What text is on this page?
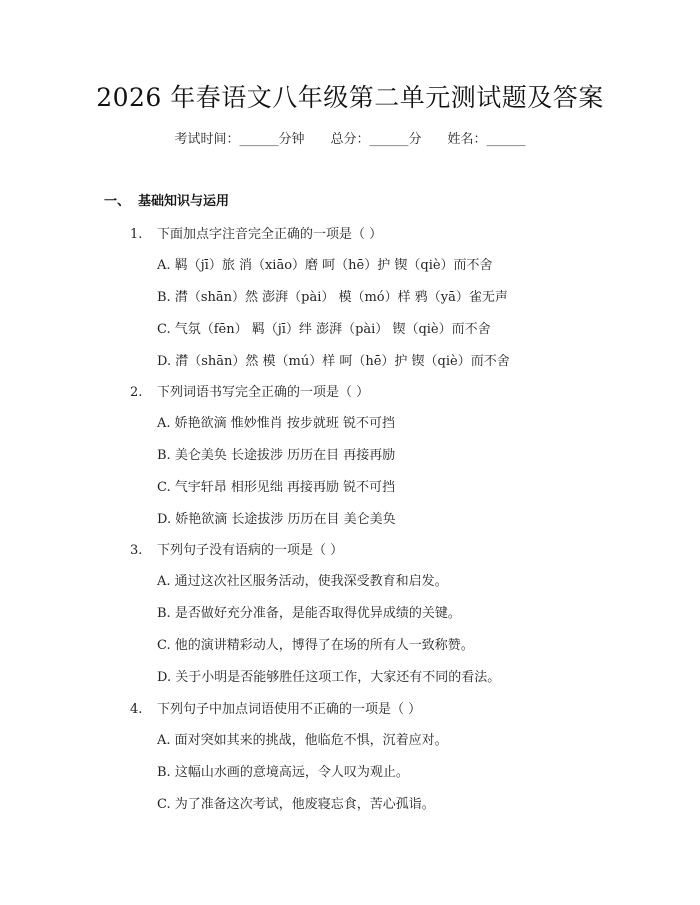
2026 年春语文八年级第二单元测试题及答案
考试时间：______分钟 总分：______分 姓名：______
一、 基础知识与运用
1. 下面加点字注音完全正确的一项是（ ）
A. 羁（jī）旅 消（xiāo）磨 呵（hē）护 锲（qiè）而不舍
B. 潸（shān）然 澎湃（pài） 模（mó）样 鸦（yā）雀无声
C. 气氛（fēn） 羁（jī）绊 澎湃（pài） 锲（qiè）而不舍
D. 潸（shān）然 模（mú）样 呵（hē）护 锲（qiè）而不舍
2. 下列词语书写完全正确的一项是（ ）
A. 娇艳欲滴 惟妙惟肖 按步就班 锐不可挡
B. 美仑美奂 长途拔涉 历历在目 再接再励
C. 气宇轩昂 相形见绌 再接再励 锐不可挡
D. 娇艳欲滴 长途拔涉 历历在目 美仑美奂
3. 下列句子没有语病的一项是（ ）
A. 通过这次社区服务活动，使我深受教育和启发。
B. 是否做好充分准备，是能否取得优异成绩的关键。
C. 他的演讲精彩动人，博得了在场的所有人一致称赞。
D. 关于小明是否能够胜任这项工作，大家还有不同的看法。
4. 下列句子中加点词语使用不正确的一项是（ ）
A. 面对突如其来的挑战，他临危不惧，沉着应对。
B. 这幅山水画的意境高远，令人叹为观止。
C. 为了准备这次考试，他废寝忘食，苦心孤诣。
